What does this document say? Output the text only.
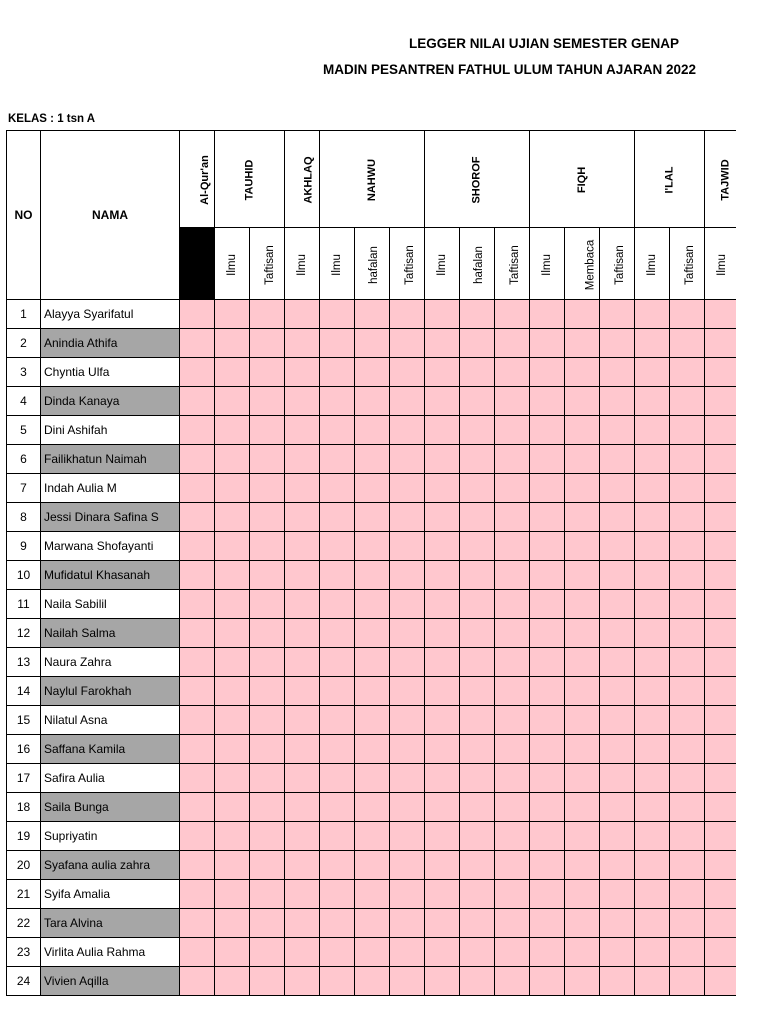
LEGGER NILAI UJIAN SEMESTER GENAP
MADIN PESANTREN FATHUL ULUM TAHUN AJARAN 2022
KELAS : 1 tsn A
NO	NAMA	Al-Qur'an	TAUHID		AKHLAQ	NAHWU			SHOROF			FIQH			I'LAL		TAJWID
			Ilmu	Taftisan	Ilmu	Ilmu	hafalan	Taftisan	Ilmu	hafalan	Taftisan	Ilmu	Membaca	Taftisan	Ilmu	Taftisan	Ilmu
1	Alayya Syarifatul																
2	Anindia Athifa																
3	Chyntia Ulfa																
4	Dinda Kanaya																
5	Dini Ashifah																
6	Failikhatun Naimah																
7	Indah Aulia M																
8	Jessi Dinara Safina S																
9	Marwana Shofayanti																
10	Mufidatul Khasanah																
11	Naila Sabilil																
12	Nailah Salma																
13	Naura Zahra																
14	Naylul Farokhah																
15	Nilatul Asna																
16	Saffana Kamila																
17	Safira Aulia																
18	Saila Bunga																
19	Supriyatin																
20	Syafana aulia zahra																
21	Syifa Amalia																
22	Tara Alvina																
23	Virlita Aulia Rahma																
24	Vivien Aqilla																
